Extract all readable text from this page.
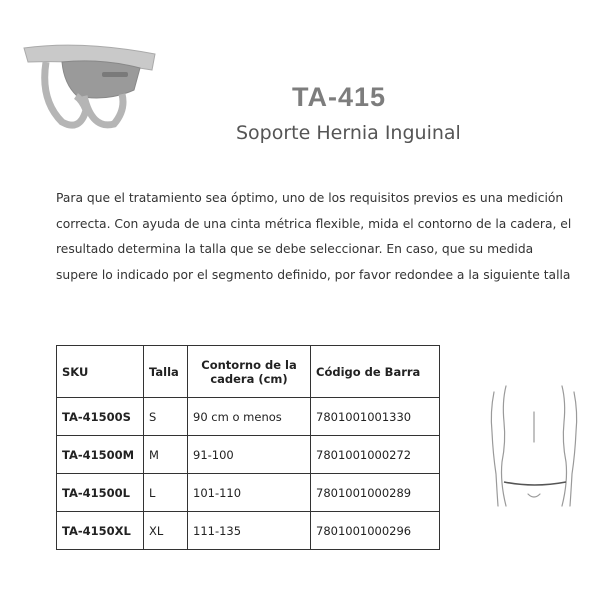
TA-415
Soporte Hernia Inguinal

Para que el tratamiento sea óptimo, uno de los requisitos previos es una medición correcta. Con ayuda de una cinta métrica flexible, mida el contorno de la cadera, el resultado determina la talla que se debe seleccionar. En caso, que su medida supere lo indicado por el segmento definido, por favor redondee a la siguiente talla

SKU	Talla	Contorno de la cadera (cm)	Código de Barra
TA-41500S	S	90 cm o menos	7801001001330
TA-41500M	M	91-100	7801001000272
TA-41500L	L	101-110	7801001000289
TA-4150XL	XL	111-135	7801001000296
